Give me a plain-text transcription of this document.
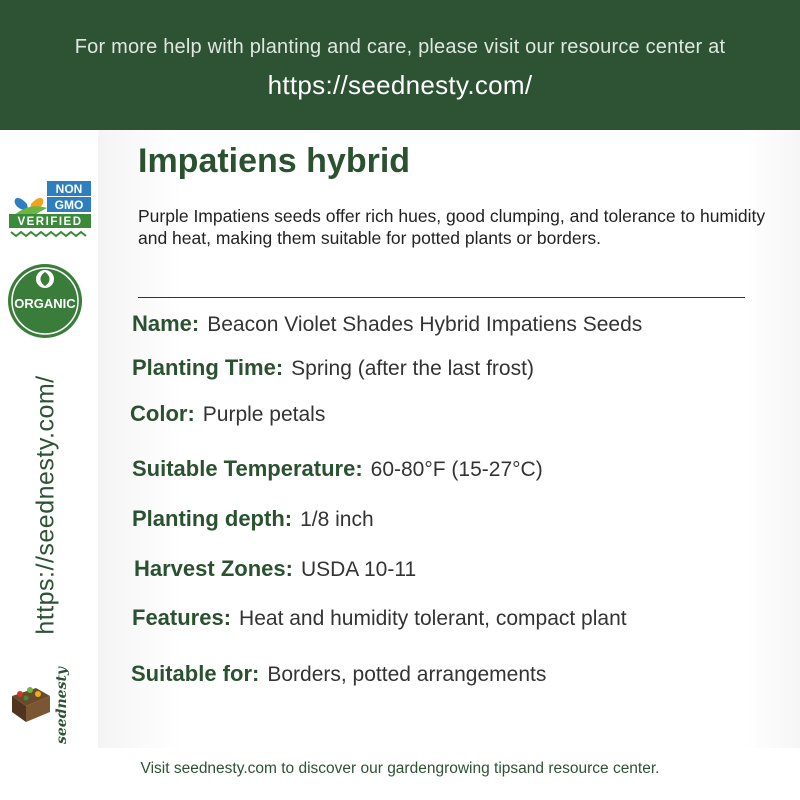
For more help with planting and care, please visit our resource center at
https://seednesty.com/
NON
GMO
VERIFIED
ORGANIC
https://seednesty.com/
seednesty
Impatiens hybrid
Purple Impatiens seeds offer rich hues, good clumping, and tolerance to humidity and heat, making them suitable for potted plants or borders.
Name: Beacon Violet Shades Hybrid Impatiens Seeds
Planting Time: Spring (after the last frost)
Color: Purple petals
Suitable Temperature: 60-80°F (15-27°C)
Planting depth: 1/8 inch
Harvest Zones: USDA 10-11
Features: Heat and humidity tolerant, compact plant
Suitable for: Borders, potted arrangements
Visit seednesty.com to discover our gardengrowing tipsand resource center.
